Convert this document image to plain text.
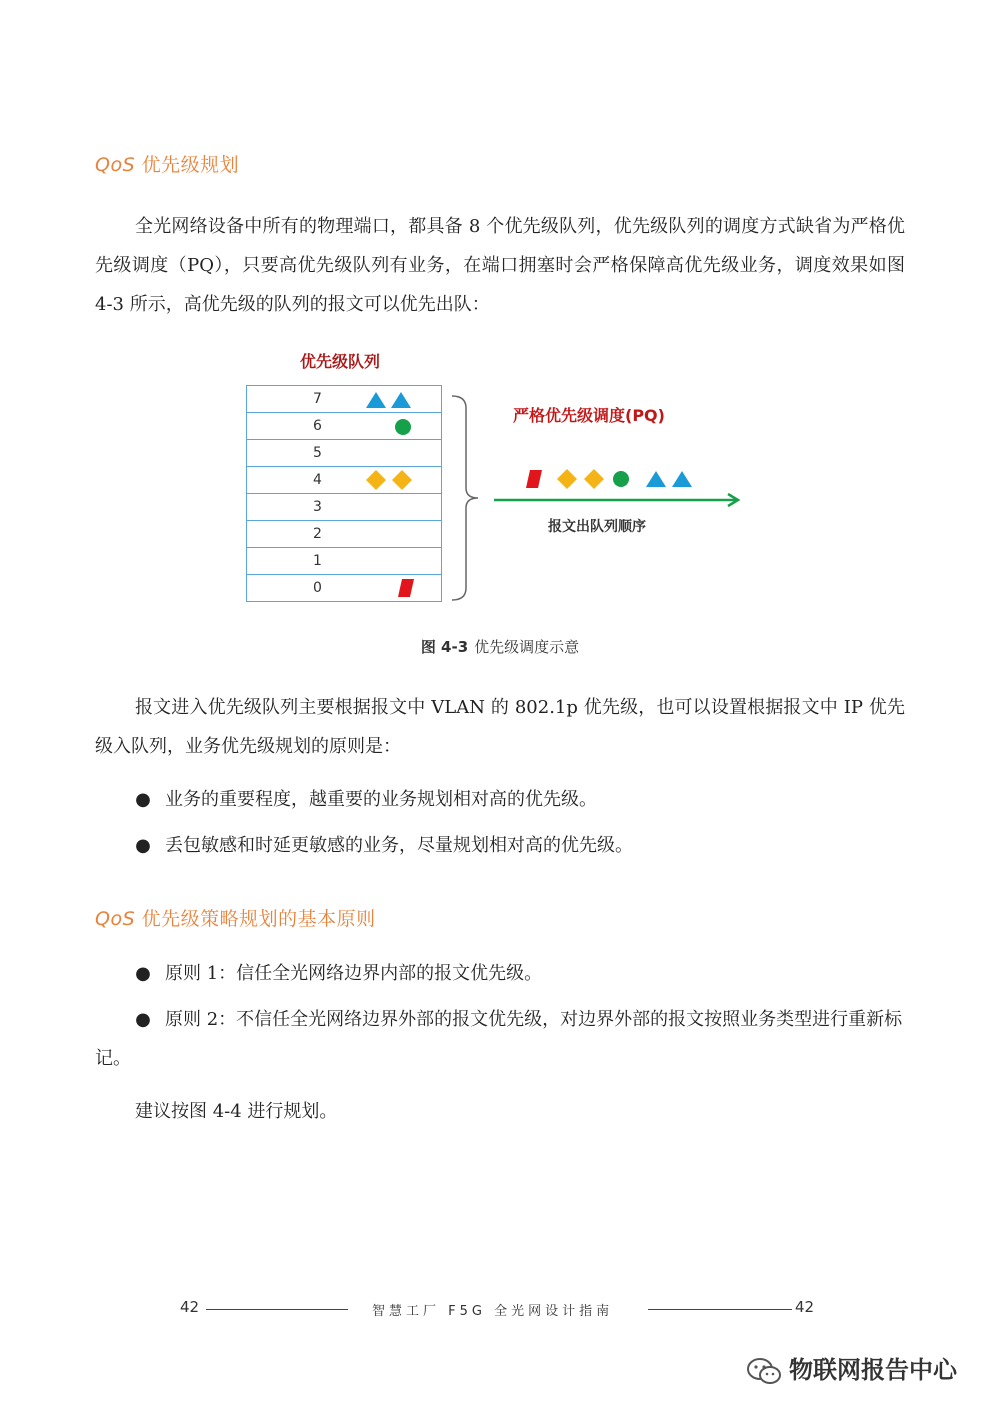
QoS 优先级规划

全光网络设备中所有的物理端口，都具备 8 个优先级队列，优先级队列的调度方式缺省为严格优先级调度（PQ），只要高优先级队列有业务，在端口拥塞时会严格保障高优先级业务，调度效果如图 4-3 所示，高优先级的队列的报文可以优先出队：

优先级队列
7
6
5
4
3
2
1
0
严格优先级调度(PQ)
报文出队列顺序
图 4-3 优先级调度示意

报文进入优先级队列主要根据报文中 VLAN 的 802.1p 优先级，也可以设置根据报文中 IP 优先级入队列，业务优先级规划的原则是：

● 业务的重要程度，越重要的业务规划相对高的优先级。

● 丢包敏感和时延更敏感的业务，尽量规划相对高的优先级。

QoS 优先级策略规划的基本原则

● 原则 1：信任全光网络边界内部的报文优先级。

● 原则 2：不信任全光网络边界外部的报文优先级，对边界外部的报文按照业务类型进行重新标记。

建议按图 4-4 进行规划。

42	智慧工厂 F5G 全光网设计指南	42
物联网报告中心
